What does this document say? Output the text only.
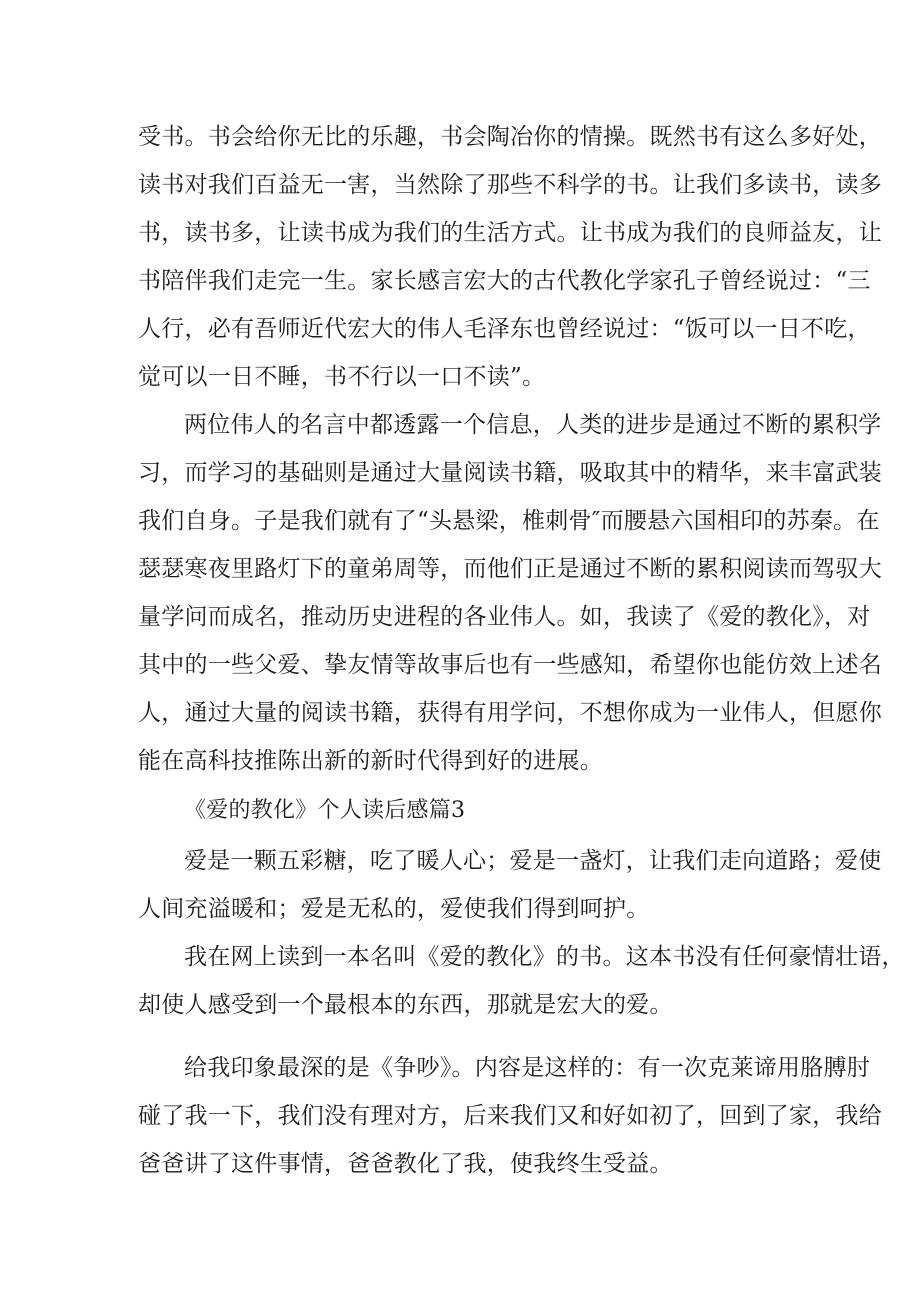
受书。书会给你无比的乐趣，书会陶冶你的情操。既然书有这么多好处，

读书对我们百益无一害，当然除了那些不科学的书。让我们多读书，读多

书，读书多，让读书成为我们的生活方式。让书成为我们的良师益友，让

书陪伴我们走完一生。家长感言宏大的古代教化学家孔子曾经说过：“三

人行，必有吾师近代宏大的伟人毛泽东也曾经说过：“饭可以一日不吃，

觉可以一日不睡，书不行以一口不读”。

两位伟人的名言中都透露一个信息，人类的进步是通过不断的累积学

习，而学习的基础则是通过大量阅读书籍，吸取其中的精华，来丰富武装

我们自身。子是我们就有了“头悬梁，椎刺骨″而腰悬六国相印的苏秦。在

瑟瑟寒夜里路灯下的童弟周等，而他们正是通过不断的累积阅读而驾驭大

量学问而成名，推动历史进程的各业伟人。如，我读了《爱的教化》，对

其中的一些父爱、挚友情等故事后也有一些感知，希望你也能仿效上述名

人，通过大量的阅读书籍，获得有用学问，不想你成为一业伟人，但愿你

能在高科技推陈出新的新时代得到好的进展。

《爱的教化》个人读后感篇3

爱是一颗五彩糖，吃了暖人心；爱是一盏灯，让我们走向道路；爱使

人间充溢暖和；爱是无私的，爱使我们得到呵护。

我在网上读到一本名叫《爱的教化》的书。这本书没有任何豪情壮语，

却使人感受到一个最根本的东西，那就是宏大的爱。

给我印象最深的是《争吵》。内容是这样的：有一次克莱谛用胳膊肘

碰了我一下，我们没有理对方，后来我们又和好如初了，回到了家，我给

爸爸讲了这件事情，爸爸教化了我，使我终生受益。
